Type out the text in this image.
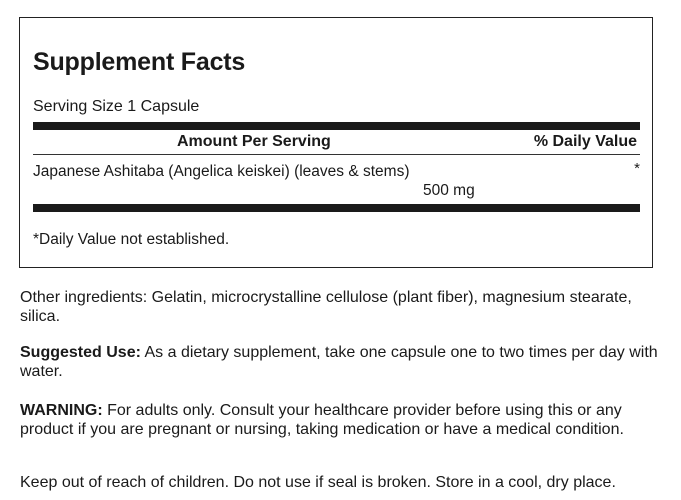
Supplement Facts
Serving Size 1 Capsule
Amount Per Serving	% Daily Value
Japanese Ashitaba (Angelica keiskei) (leaves & stems)	*
500 mg
*Daily Value not established.
Other ingredients: Gelatin, microcrystalline cellulose (plant fiber), magnesium stearate, silica.
Suggested Use: As a dietary supplement, take one capsule one to two times per day with water.
WARNING: For adults only. Consult your healthcare provider before using this or any product if you are pregnant or nursing, taking medication or have a medical condition.
Keep out of reach of children. Do not use if seal is broken. Store in a cool, dry place.
